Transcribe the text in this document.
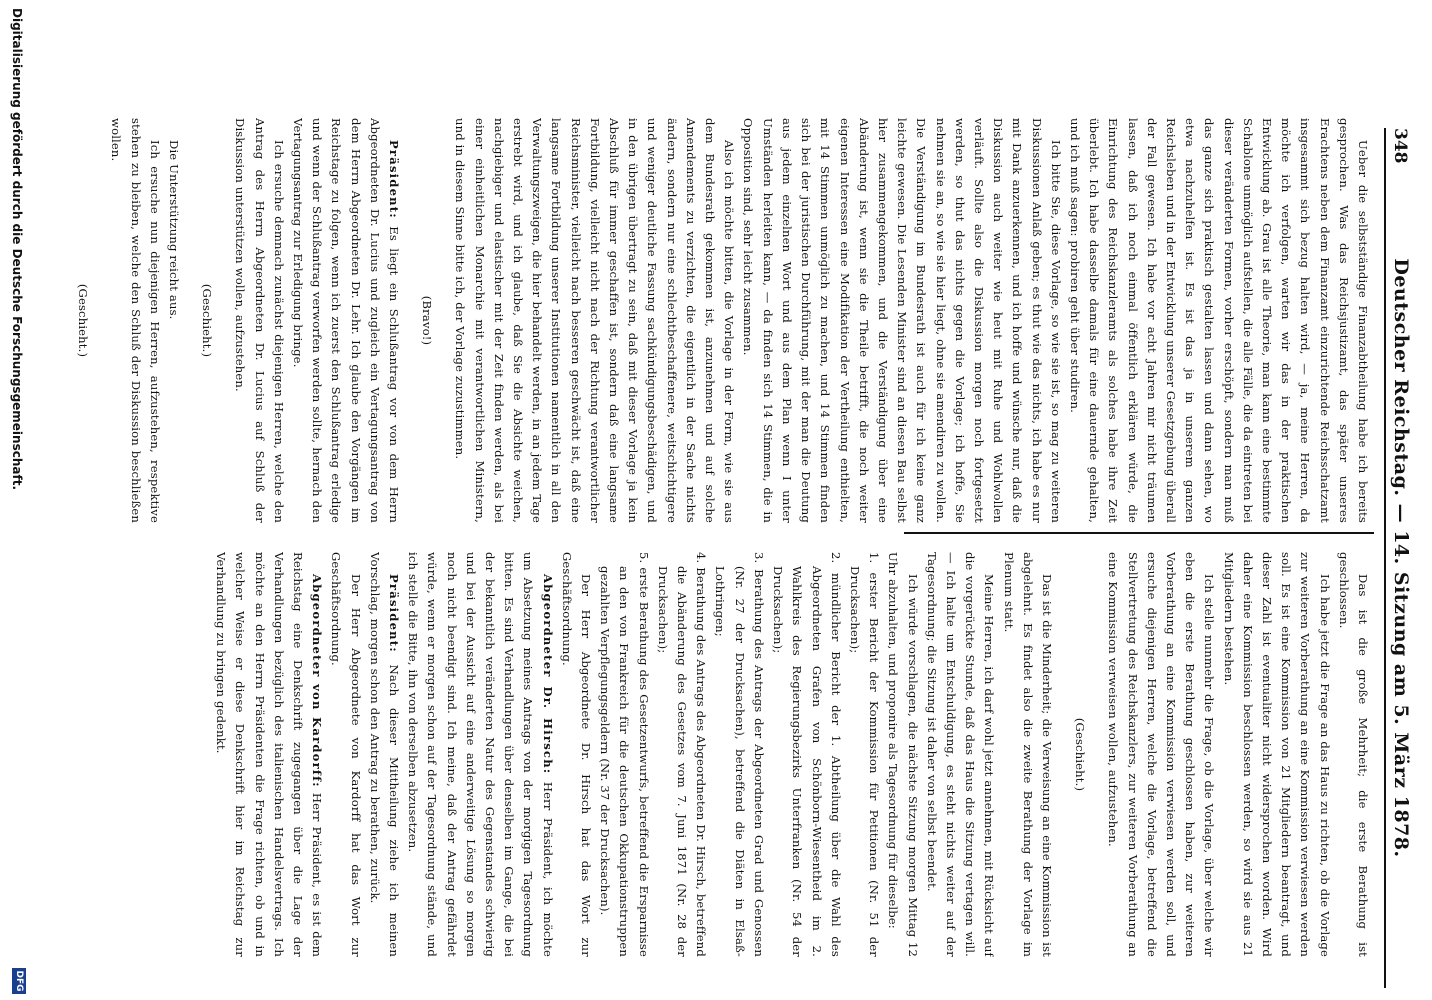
348
Deutscher Reichstag. — 14. Sitzung am 5. März 1878.

Ueber die selbstständige Finanzabtheilung habe ich bereits gesprochen. Was das Reichsjustizamt, das später unseres Erachtens neben dem Finanzamt einzurichtende Reichsschatzamt insgesammt sich bezug halten wird, — ja, meine Herren, da möchte ich verfolgen, warten wir das in der praktischen Entwicklung ab. Grau ist alle Theorie, man kann eine bestimmte Schablone unmöglich aufstellen, die alle Fälle, die da eintreten bei dieser veränderten Formen, vorher erschöpft, sondern man muß das ganze sich praktisch gestalten lassen und dann sehen, wo etwa nachzuhelfen ist. Es ist das ja in unserem ganzen Reichsleben und in der Entwicklung unserer Gesetzgebung überall der Fall gewesen. Ich habe vor acht Jahren mir nicht träumen lassen, daß ich noch einmal öffentlich erklären würde, die Einrichtung des Reichskanzleramts als solches habe ihre Zeit überlebt. Ich habe dasselbe damals für eine dauernde gehalten, und ich muß sagen: probiren geht über studiren.

Ich bitte Sie, diese Vorlage, so wie sie ist, so mag zu weiteren Diskussionen Anlaß geben; es thut wie das nichts, ich habe es nur mit Dank anzuerkennen, und ich hoffe und wünsche nur, daß die Diskussion auch weiter wie heut mit Ruhe und Wohlwollen verläuft. Sollte also die Diskussion morgen noch fortgesetzt werden, so thut das nichts gegen die Vorlage; ich hoffe, Sie nehmen sie an, so wie sie hier liegt, ohne sie amendiren zu wollen. Die Verständigung im Bundesrath ist auch für ich keine ganz leichte gewesen. Die Lesenden Minister sind an diesen Bau selbst hier zusammengekommen, und die Verständigung über eine Abänderung ist, wenn sie die Theile betrifft, die noch weiter eigenen Interessen eine Modifikation der Vertheilung enthielten, mit 14 Stimmen unmöglich zu machen, und 14 Stimmen finden sich bei der juristischen Durchführung, mit der man die Deutung aus jedem einzelnen Wort und aus dem Plan wenn I unter Umständen herleiten kann, — da finden sich 14 Stimmen, die in Opposition sind, sehr leicht zusammen.

Also ich möchte bitten, die Vorlage in der Form, wie sie aus dem Bundesrath gekommen ist, anzunehmen und auf solche Amendements zu verzichten, die eigentlich in der Sache nichts ändern, sondern nur eine schlechtbeschaffenere, weitschichtigere und weniger deutliche Fassung sachkündigungsbeschädigen, und in den übrigen übertragt zu sein, daß mit dieser Vorlage ja kein Abschluß für immer geschaffen ist, sondern daß eine langsame Fortbildung, vielleicht nicht nach der Richtung verantwortlicher Reichsminister, vielleicht nach besseren geschwächt ist, daß eine langsame Fortbildung unserer Institutionen namentlich in all den Verwaltungszweigen, die hier behandelt werden, in an jedem Tage erstrebt wird, und ich glaube, daß Sie die Absichte weichen, nachgiebiger und elastischer mit der Zeit finden werden, als bei einer einheitlichen Monarchie mit verantwortlichen Ministern, und in diesem Sinne bitte ich, der Vorlage zuzustimmen.

(Bravo!)

Präsident: Es liegt ein Schlußantrag vor von dem Herrn Abgeordneten Dr. Lucius und zugleich ein Vertagungsantrag von dem Herrn Abgeordneten Dr. Lehr. Ich glaube den Vorgängen im Reichstage zu folgen, wenn ich zuerst den Schlußantrag erledige und wenn der Schlußantrag verworfen werden sollte, hernach den Vertagungsantrag zur Erledigung bringe.

Ich ersuche demnach zunächst diejenigen Herren, welche den Antrag des Herrn Abgeordneten Dr. Lucius auf Schluß der Diskussion unterstützen wollen, aufzustehen.

(Geschieht.)

Die Unterstützung reicht aus.

Ich ersuche nun diejenigen Herren, aufzustehen, respektive stehen zu bleiben, welche den Schluß der Diskussion beschließen wollen.

(Geschieht.)

Das ist die große Mehrheit; die erste Berathung ist geschlossen.

Ich habe jetzt die Frage an das Haus zu richten, ob die Vorlage zur weiteren Vorberathung an eine Kommission verwiesen werden soll. Es ist eine Kommission von 21 Mitgliedern beantragt, und dieser Zahl ist eventualiter nicht widersprochen worden. Wird daher eine Kommission beschlossen werden, so wird sie aus 21 Mitgliedern bestehen.

Ich stelle nunmehr die Frage, ob die Vorlage, über welche wir eben die erste Berathung geschlossen haben, zur weiteren Vorberathung an eine Kommission verwiesen werden soll, und ersuche diejenigen Herren, welche die Vorlage, betreffend die Stellvertretung des Reichskanzlers, zur weiteren Vorberathung an eine Kommission verweisen wollen, aufzustehen.

(Geschieht.)

Das ist die Minderheit; die Verweisung an eine Kommission ist abgelehnt. Es findet also die zweite Berathung der Vorlage im Plenum statt.

Meine Herren, ich darf wohl jetzt annehmen, mit Rücksicht auf die vorgerückte Stunde, daß das Haus die Sitzung vertagen will. — Ich halte um Entschuldigung, es steht nichts weiter auf der Tagesordnung; die Sitzung ist daher von selbst beendet.

Ich würde vorschlagen, die nächste Sitzung morgen Mittag 12 Uhr abzuhalten, und proponire als Tagesordnung für dieselbe:

1. erster Bericht der Kommission für Petitionen (Nr. 51 der Drucksachen);

2. mündlicher Bericht der 1. Abtheilung über die Wahl des Abgeordneten Grafen von Schönborn-Wiesentheid im 2. Wahlkreis des Regierungsbezirks Unterfranken (Nr. 54 der Drucksachen);

3. Berathung des Antrags der Abgeordneten Grad und Genossen (Nr. 27 der Drucksachen), betreffend die Diäten in Elsaß-Lothringen;

4. Berathung des Antrags des Abgeordneten Dr. Hirsch, betreffend die Abänderung des Gesetzes vom 7. Juni 1871 (Nr. 28 der Drucksachen);

5. erste Berathung des Gesetzentwurfs, betreffend die Ersparnisse an den von Frankreich für die deutschen Okkupationstruppen gezahlten Verpflegungsgeldern (Nr. 37 der Drucksachen).

Der Herr Abgeordnete Dr. Hirsch hat das Wort zur Geschäftsordnung.

Abgeordneter Dr. Hirsch: Herr Präsident, ich möchte um Absetzung meines Antrags von der morgigen Tagesordnung bitten. Es sind Verhandlungen über denselben im Gange, die bei der bekanntlich veränderten Natur des Gegenstandes schwierig und bei der Aussicht auf eine anderweitige Lösung so morgen noch nicht beendigt sind. Ich meine, daß der Antrag gefährdet würde, wenn er morgen schon auf der Tagesordnung stände, und ich stelle die Bitte, ihn von derselben abzusetzen.

Präsident: Nach dieser Mittheilung ziehe ich meinen Vorschlag, morgen schon den Antrag zu berathen, zurück.

Der Herr Abgeordnete von Kardorff hat das Wort zur Geschäftsordnung.

Abgeordneter von Kardorff: Herr Präsident, es ist dem Reichstag eine Denkschrift zugegangen über die Lage der Verhandlungen bezüglich des italienischen Handelsvertrags. Ich möchte an den Herrn Präsidenten die Frage richten, ob und in welcher Weise er diese Denkschrift hier im Reichstag zur Verhandlung zu bringen gedenkt.

Digitalisierung gefördert durch die Deutsche Forschungsgemeinschaft.
DFG
